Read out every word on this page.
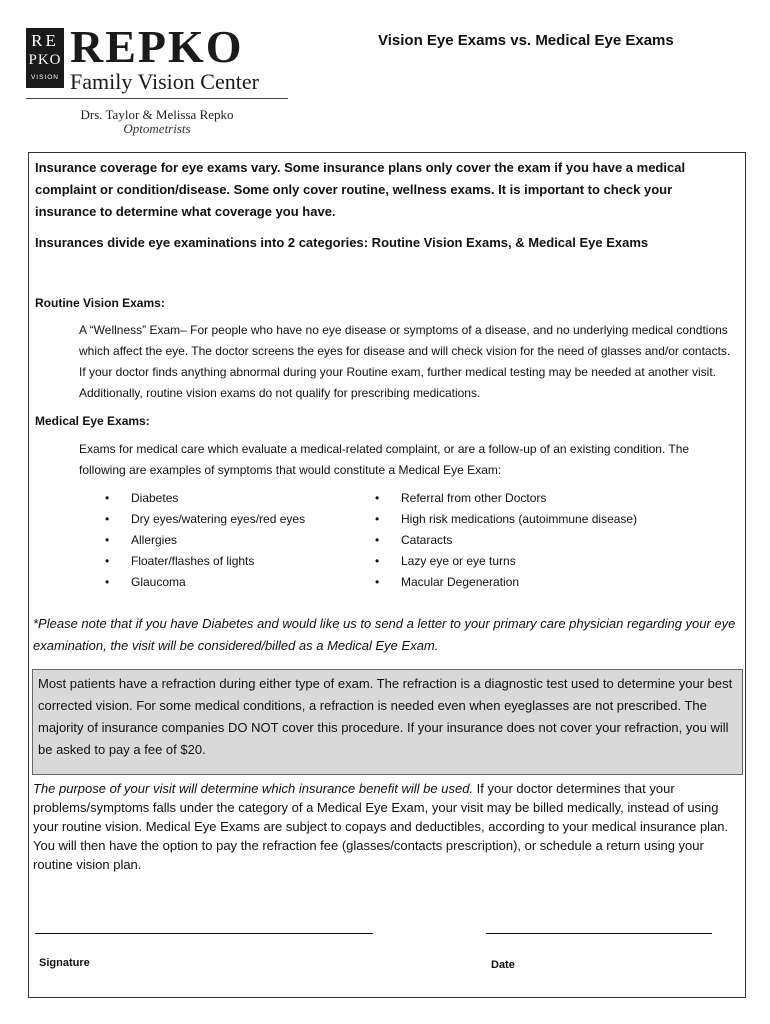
RE
PKO
VISION
REPKO
Family Vision Center
Drs. Taylor & Melissa Repko
Optometrists
Vision Eye Exams vs. Medical Eye Exams
Insurance coverage for eye exams vary. Some insurance plans only cover the exam if you have a medical complaint or condition/disease. Some only cover routine, wellness exams. It is important to check your insurance to determine what coverage you have.
Insurances divide eye examinations into 2 categories: Routine Vision Exams, & Medical Eye Exams
Routine Vision Exams:
A “Wellness” Exam– For people who have no eye disease or symptoms of a disease, and no underlying medical condtions which affect the eye. The doctor screens the eyes for disease and will check vision for the need of glasses and/or contacts. If your doctor finds anything abnormal during your Routine exam, further medical testing may be needed at another visit. Additionally, routine vision exams do not qualify for prescribing medications.
Medical Eye Exams:
Exams for medical care which evaluate a medical-related complaint, or are a follow-up of an existing condition. The following are examples of symptoms that would constitute a Medical Eye Exam:
• Diabetes
• Dry eyes/watering eyes/red eyes
• Allergies
• Floater/flashes of lights
• Glaucoma
• Referral from other Doctors
• High risk medications (autoimmune disease)
• Cataracts
• Lazy eye or eye turns
• Macular Degeneration
*Please note that if you have Diabetes and would like us to send a letter to your primary care physician regarding your eye examination, the visit will be considered/billed as a Medical Eye Exam.
Most patients have a refraction during either type of exam. The refraction is a diagnostic test used to determine your best corrected vision. For some medical conditions, a refraction is needed even when eyeglasses are not prescribed. The majority of insurance companies DO NOT cover this procedure. If your insurance does not cover your refraction, you will be asked to pay a fee of $20.
The purpose of your visit will determine which insurance benefit will be used. If your doctor determines that your problems/symptoms falls under the category of a Medical Eye Exam, your visit may be billed medically, instead of using your routine vision. Medical Eye Exams are subject to copays and deductibles, according to your medical insurance plan. You will then have the option to pay the refraction fee (glasses/contacts prescription), or schedule a return using your routine vision plan.
Signature	Date
